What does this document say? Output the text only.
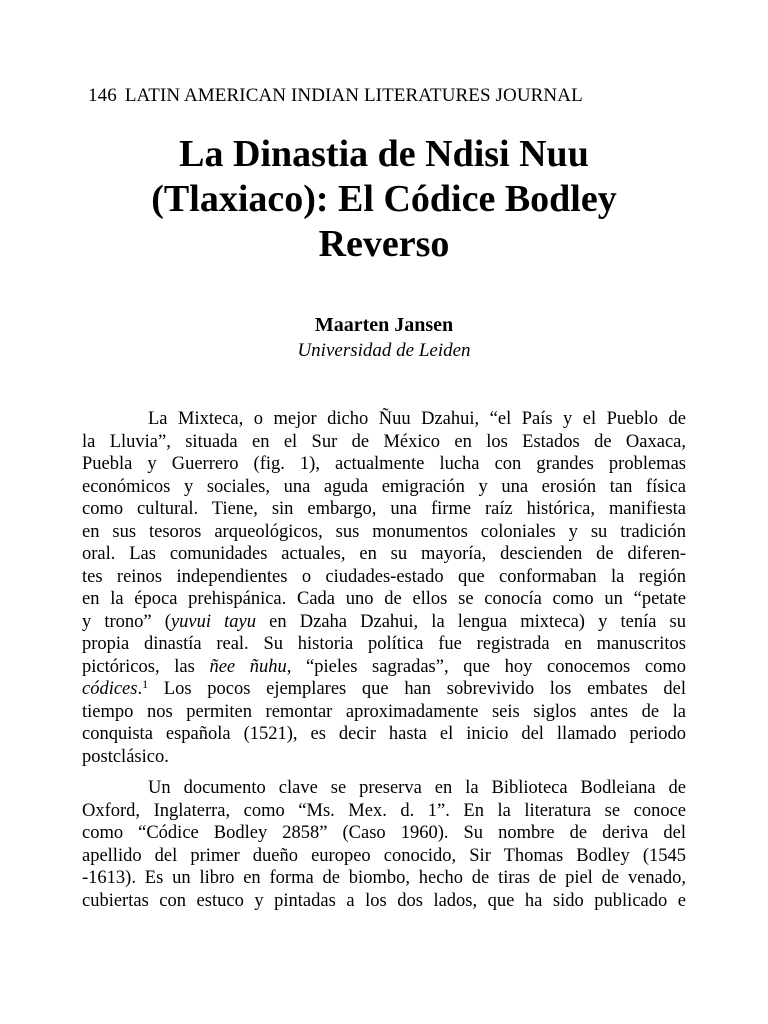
146 LATIN AMERICAN INDIAN LITERATURES JOURNAL
La Dinastia de Ndisi Nuu
(Tlaxiaco): El Códice Bodley
Reverso
Maarten Jansen
Universidad de Leiden

La Mixteca, o mejor dicho Ñuu Dzahui, “el País y el Pueblo de
la Lluvia”, situada en el Sur de México en los Estados de Oaxaca,
Puebla y Guerrero (fig. 1), actualmente lucha con grandes problemas
económicos y sociales, una aguda emigración y una erosión tan física
como cultural. Tiene, sin embargo, una firme raíz histórica, manifiesta
en sus tesoros arqueológicos, sus monumentos coloniales y su tradición
oral. Las comunidades actuales, en su mayoría, descienden de diferen-
tes reinos independientes o ciudades-estado que conformaban la región
en la época prehispánica. Cada uno de ellos se conocía como un “petate
y trono” (yuvui tayu en Dzaha Dzahui, la lengua mixteca) y tenía su
propia dinastía real. Su historia política fue registrada en manuscritos
pictóricos, las ñee ñuhu, “pieles sagradas”, que hoy conocemos como
códices.$^1$ Los pocos ejemplares que han sobrevivido los embates del
tiempo nos permiten remontar aproximadamente seis siglos antes de la
conquista española (1521), es decir hasta el inicio del llamado periodo
postclásico.

Un documento clave se preserva en la Biblioteca Bodleiana de
Oxford, Inglaterra, como “Ms. Mex. d. 1”. En la literatura se conoce
como “Códice Bodley 2858” (Caso 1960). Su nombre de deriva del
apellido del primer dueño europeo conocido, Sir Thomas Bodley (1545
-1613). Es un libro en forma de biombo, hecho de tiras de piel de venado,
cubiertas con estuco y pintadas a los dos lados, que ha sido publicado e
